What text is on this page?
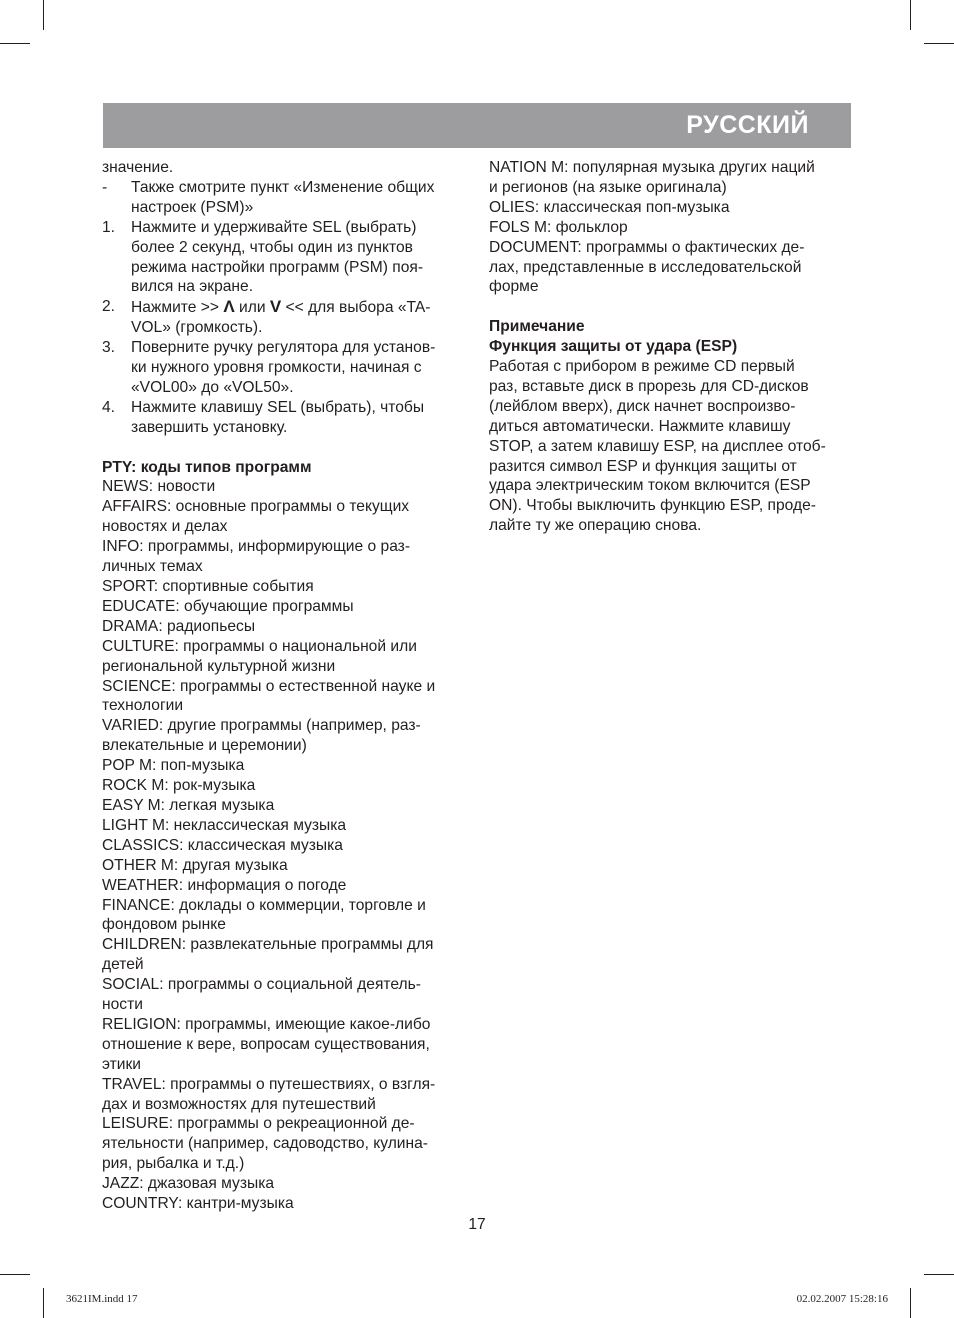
РУССКИЙ
значение.
-	Также смотрите пункт «Изменение общих
настроек (PSM)»
1.	Нажмите и удерживайте SEL (выбрать)
более 2 секунд, чтобы один из пунктов
режима настройки программ (PSM) поя-
вился на экране.
2.	Нажмите >> Λ или V << для выбора «TA-
VOL» (громкость).
3.	Поверните ручку регулятора для установ-
ки нужного уровня громкости, начиная с
«VOL00» до «VOL50».
4.	Нажмите клавишу SEL (выбрать), чтобы
завершить установку.
PTY: коды типов программ
NEWS: новости
AFFAIRS: основные программы о текущих
новостях и делах
INFO: программы, информирующие о раз-
личных темах
SPORT: спортивные события
EDUCATE: обучающие программы
DRAMA: радиопьесы
CULTURE: программы о национальной или
региональной культурной жизни
SCIENCE: программы о естественной науке и
технологии
VARIED: другие программы (например, раз-
влекательные и церемонии)
POP M: поп-музыка
ROCK M: рок-музыка
EASY M: легкая музыка
LIGHT M: неклассическая музыка
CLASSICS: классическая музыка
OTHER M: другая музыка
WEATHER: информация о погоде
FINANCE: доклады о коммерции, торговле и
фондовом рынке
CHILDREN: развлекательные программы для
детей
SOCIAL: программы о социальной деятель-
ности
RELIGION: программы, имеющие какое-либо
отношение к вере, вопросам существования,
этики
TRAVEL: программы о путешествиях, о взгля-
дах и возможностях для путешествий
LEISURE: программы о рекреационной де-
ятельности (например, садоводство, кулина-
рия, рыбалка и т.д.)
JAZZ: джазовая музыка
COUNTRY: кантри-музыка
NATION M: популярная музыка других наций
и регионов (на языке оригинала)
OLIES: классическая поп-музыка
FOLS M: фольклор
DOCUMENT: программы о фактических де-
лах, представленные в исследовательской
форме
Примечание
Функция защиты от удара (ESP)
Работая с прибором в режиме CD первый
раз, вставьте диск в прорезь для CD-дисков
(лейблом вверх), диск начнет воспроизво-
диться автоматически. Нажмите клавишу
STOP, а затем клавишу ESP, на дисплее отоб-
разится символ ESP и функция защиты от
удара электрическим током включится (ESP
ON). Чтобы выключить функцию ESP, проде-
лайте ту же операцию снова.
17
3621IM.indd 17	02.02.2007 15:28:16
